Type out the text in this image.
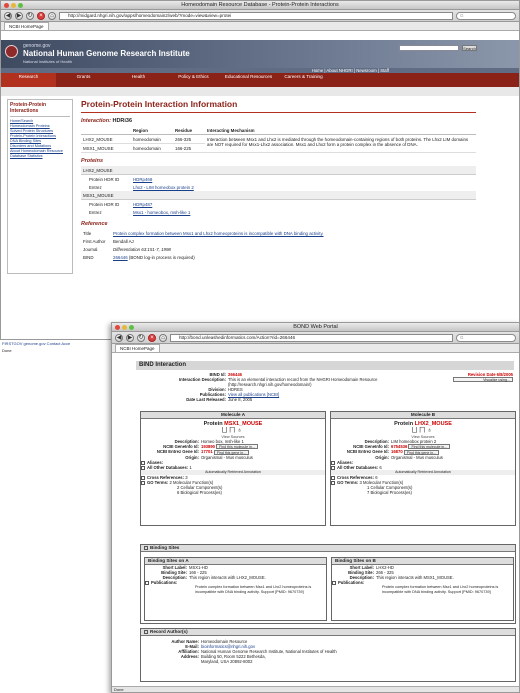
Homeodomain Resource Database - Protein-Protein Interactions
◀ ▶ ↻	×	⌂	http://midgard.nhgri.nih.gov/apps/homeodomain2/web/?mode=view&view=protei	G
NCBI HomePage
genome.gov
National Human Genome Research Institute
National Institutes of Health
Search
Home | About NHGRI | Newsroom | Staff
Research	Grants	Health	Policy & Ethics	Educational Resources	Careers & Training
Protein-Protein Interactions
Home/Search
Homeodomain Proteins
Solved Protein Structures
Protein-Protein Interactions
DNA Binding Sites
Disorders and Mutations
About Homeodomain Resource
Database Statistics
Protein-Protein Interaction Information
Interaction: HDRi36
	Region	Residue	Interacting Mechanism
LHX2_MOUSE	homeodomain	266-325	Interaction between Msx1 and Lhx2 is mediated through the homeodomain-containing regions of both proteins. The Lhx2 LIM domains are NOT required for Msx1-Lhx2 association. Msx1 and Lhx2 form a protein complex in the absence of DNA.
MSX1_MOUSE	homeodomain	166-225	
Proteins
LHX2_MOUSE	
Protein HDR ID	HDRp468
Entrez	Lhx2 - LIM homeobox protein 2
MSX1_MOUSE	
Protein HDR ID	HDRp487
Entrez	Msx1 - homeobox, msh-like 1
Reference
Title	Protein complex formation between Msx1 and Lhx2 homeoproteins is incompatible with DNA binding activity.
First Author	Bendall AJ
Journal	Differentiation 63:151-7, 1998
BIND	266446 (BOND log-in process is required)
FIRSTGOV genome.gov Contact Acce
Done
BOND Web Portal
◀ ▶ ↻	×	⌂	http://bond.unleashedinformatics.com/Action?rid=266446	G
NCBI HomePage
BIND Interaction
Revision Date 6/8/2005
Visualize using...
BIND Id: 266446
Interaction Description: This is an elemental interaction record from the NHGRI Homeodomain Resource (http://research.nhgri.nih.gov/homeodomain/)
Division: HDRES
Publications: View all publications [NCBI]
Date Last Released: June 8, 2005
Molecule A
Protein MSX1_MOUSE
⨆⨅♁
View Sources
Description: Homeo box, msh-like 1
NCBI GeneInfo Id: 193890 Find this molecule in...
NCBI Entrez Gene Id: 17701 Find this gene in...
Origin: Organismal - Mus musculus
Aliases:
All Other Databases: 1
Automatically Retrieved Annotation
Cross References: 3
GO Terms: 2 Molecular Function(s)
2 Cellular Component(s)
6 Biological Process(es)
Molecule B
Protein LHX2_MOUSE
⨆⨅♁
View Sources
Description: LIM homeobox protein 2
NCBI GeneInfo Id: 6754536 Find this molecule in...
NCBI Entrez Gene Id: 16870 Find this gene in...
Origin: Organismal - Mus musculus
Aliases:
All Other Databases: 6
Automatically Retrieved Annotation
Cross References: 6
GO Terms: 3 Molecular Function(s)
1 Cellular Component(s)
7 Biological Process(es)
Binding Sites
Binding Sites on A
Short Label: MSX1-HD
Binding Site: 166 - 225
Description: This region interacts with LHX2_MOUSE.
Publications:
Protein complex formation between Msx1 and Lhx2 homeoproteins is incompatible with DNA binding activity. Support [PMID: 9670739]
Binding Sites on B
Short Label: LHX2-HD
Binding Site: 266 - 325
Description: This region interacts with MSX1_MOUSE.
Publications:
Protein complex formation between Msx1 and Lhx2 homeoproteins is incompatible with DNA binding activity. Support [PMID: 9670739]
Record Author(s)
Author Name: Homeodomain Resource
E-Mail: bioinformatics@nhgri.nih.gov
Affiliation: National Human Genome Research Institute, National Institutes of Health
Address: Building 50, Room 5222 Bethesda, Maryland, USA 20892-8002
Done
